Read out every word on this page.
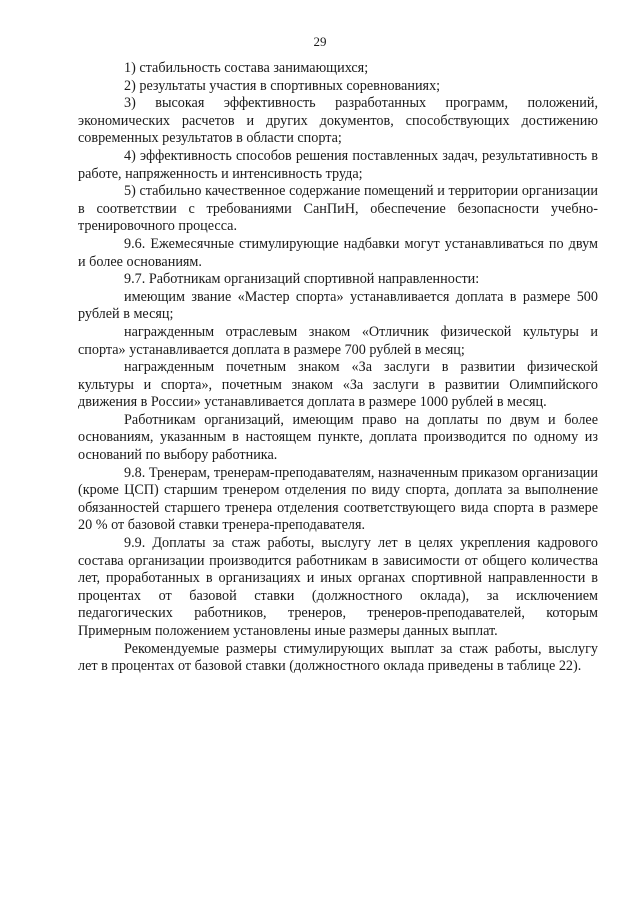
29

1) стабильность состава занимающихся;

2) результаты участия в спортивных соревнованиях;

3) высокая эффективность разработанных программ, положений, экономических расчетов и других документов, способствующих достижению современных результатов в области спорта;

4) эффективность способов решения поставленных задач, результативность в работе, напряженность и интенсивность труда;

5) стабильно качественное содержание помещений и территории организации в соответствии с требованиями СанПиН, обеспечение безопасности учебно-тренировочного процесса.

9.6. Ежемесячные стимулирующие надбавки могут устанавливаться по двум и более основаниям.

9.7. Работникам организаций спортивной направленности:

имеющим звание «Мастер спорта» устанавливается доплата в размере 500 рублей в месяц;

награжденным отраслевым знаком «Отличник физической культуры и спорта» устанавливается доплата в размере 700 рублей в месяц;

награжденным почетным знаком «За заслуги в развитии физической культуры и спорта», почетным знаком «За заслуги в развитии Олимпийского движения в России» устанавливается доплата в размере 1000 рублей в месяц.

Работникам организаций, имеющим право на доплаты по двум и более основаниям, указанным в настоящем пункте, доплата производится по одному из оснований по выбору работника.

9.8. Тренерам, тренерам-преподавателям, назначенным приказом организации (кроме ЦСП) старшим тренером отделения по виду спорта, доплата за выполнение обязанностей старшего тренера отделения соответствующего вида спорта в размере 20 % от базовой ставки тренера-преподавателя.

9.9. Доплаты за стаж работы, выслугу лет в целях укрепления кадрового состава организации производится работникам в зависимости от общего количества лет, проработанных в организациях и иных органах спортивной направленности в процентах от базовой ставки (должностного оклада), за исключением педагогических работников, тренеров, тренеров-преподавателей, которым Примерным положением установлены иные размеры данных выплат.

Рекомендуемые размеры стимулирующих выплат за стаж работы, выслугу лет в процентах от базовой ставки (должностного оклада приведены в таблице 22).
